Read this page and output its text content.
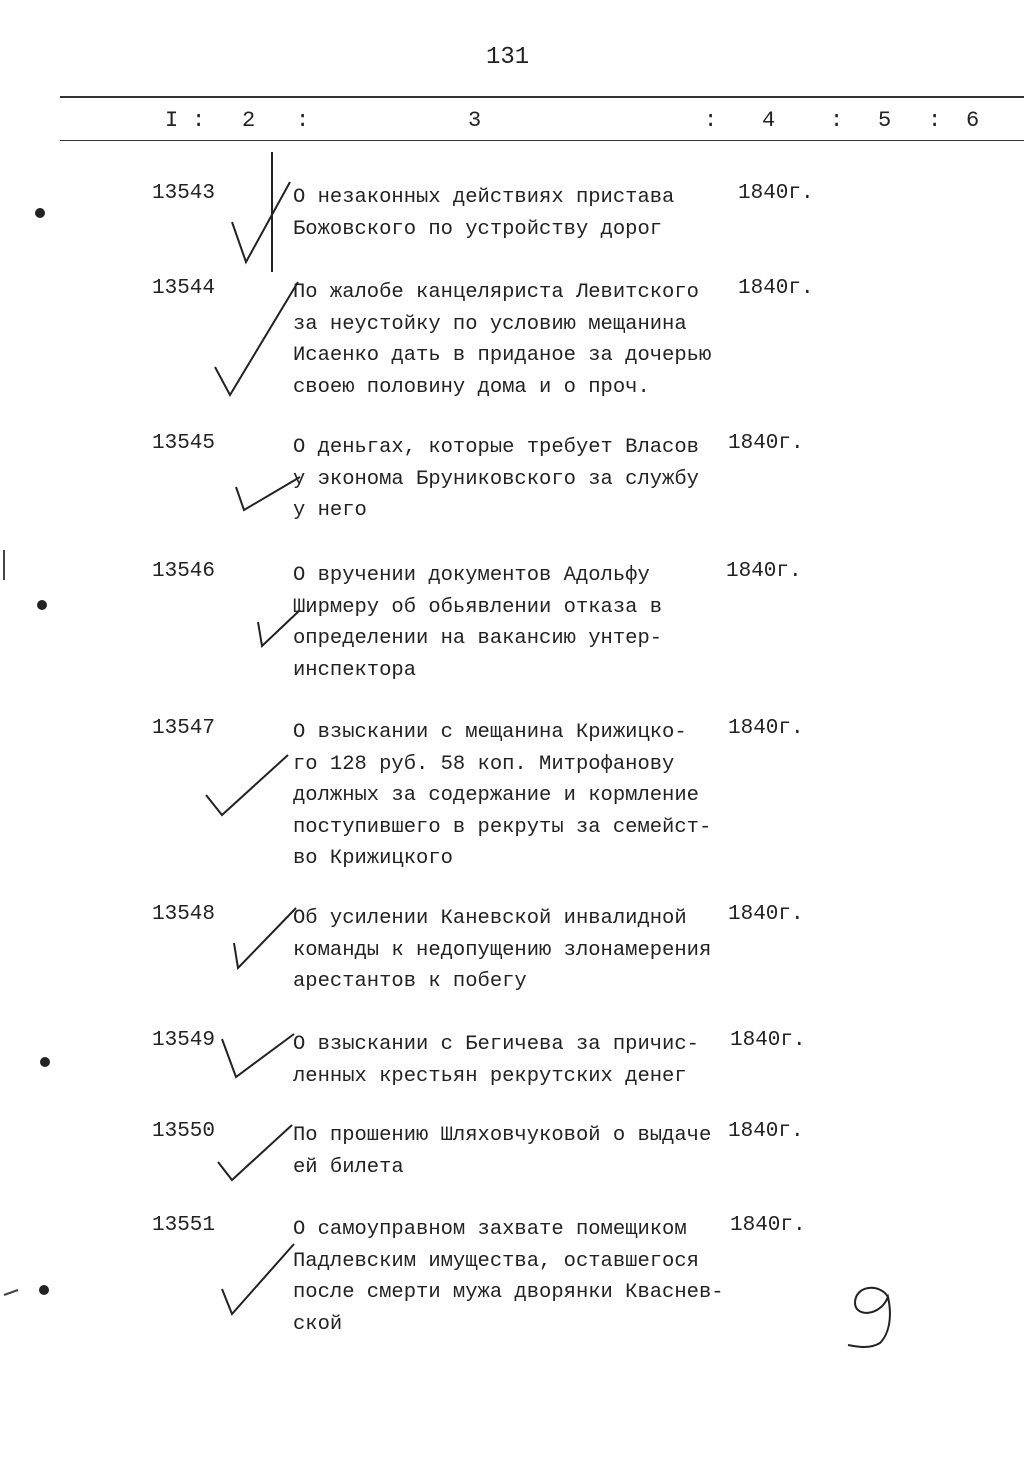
131
I : 2 :	3	: 4 : 5 : 6
13543	О незаконных действиях пристава
Божовского по устройству дорог
1840г.
13544	По жалобе канцеляриста Левитского
за неустойку по условию мещанина
Исаенко дать в приданое за дочерью
своею половину дома и о проч.
1840г.
13545	О деньгах, которые требует Власов
у эконома Бруниковского за службу
у него
1840г.
13546	О вручении документов Адольфу
Ширмеру об обьявлении отказа в
определении на вакансию унтер-
инспектора
1840г.
13547	О взыскании с мещанина Крижицко-
го 128 руб. 58 коп. Митрофанову
должных за содержание и кормление
поступившего в рекруты за семейст-
во Крижицкого
1840г.
13548	Об усилении Каневской инвалидной
команды к недопущению злонамерения
арестантов к побегу
1840г.
13549	О взыскании с Бегичева за причис-
ленных крестьян рекрутских денег
1840г.
13550	По прошению Шляховчуковой о выдаче
ей билета
1840г.
13551	О самоуправном захвате помещиком
Падлевским имущества, оставшегося
после смерти мужа дворянки Кваснев-
ской
1840г.
